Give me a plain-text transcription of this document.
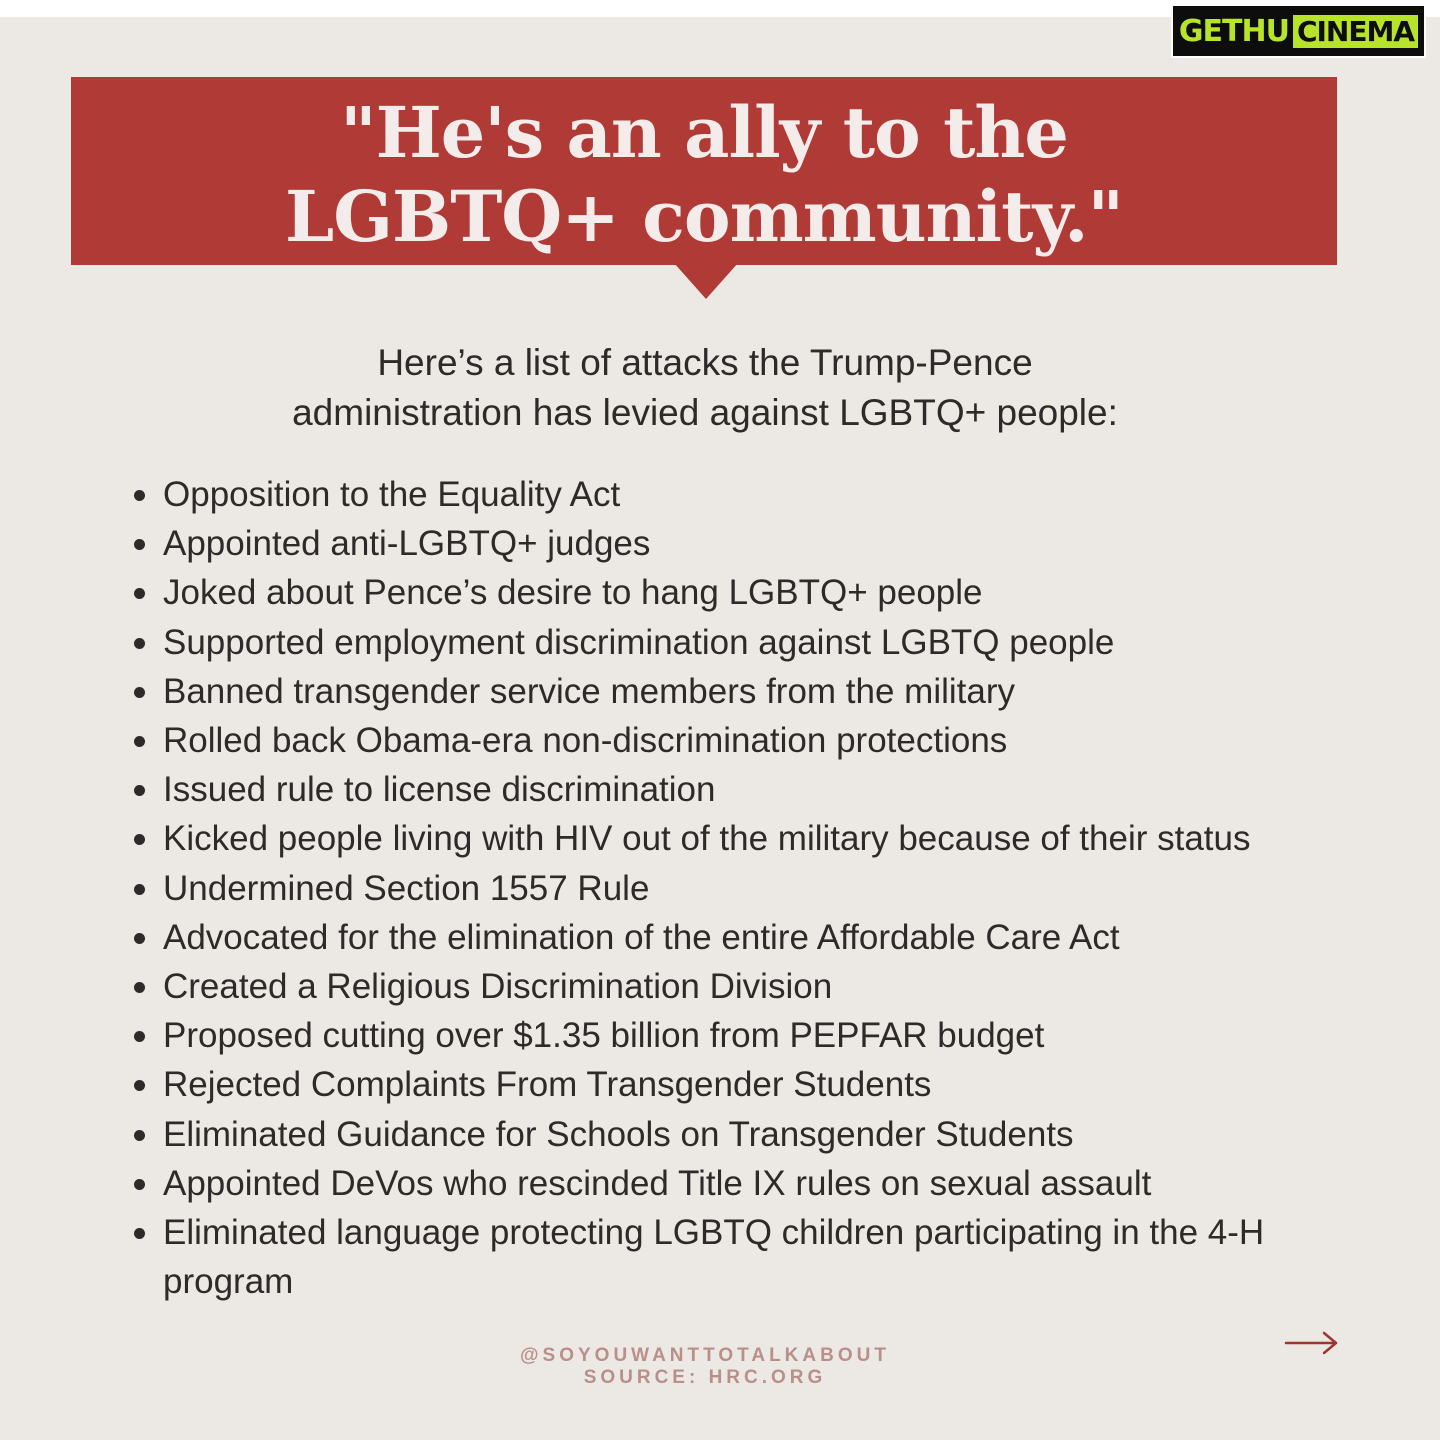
GETHU CINEMA
"He's an ally to the
LGBTQ+ community."
Here’s a list of attacks the Trump-Pence
administration has levied against LGBTQ+ people:
Opposition to the Equality Act
Appointed anti-LGBTQ+ judges
Joked about Pence’s desire to hang LGBTQ+ people
Supported employment discrimination against LGBTQ people
Banned transgender service members from the military
Rolled back Obama-era non-discrimination protections
Issued rule to license discrimination
Kicked people living with HIV out of the military because of their status
Undermined Section 1557 Rule
Advocated for the elimination of the entire Affordable Care Act
Created a Religious Discrimination Division
Proposed cutting over $1.35 billion from PEPFAR budget
Rejected Complaints From Transgender Students
Eliminated Guidance for Schools on Transgender Students
Appointed DeVos who rescinded Title IX rules on sexual assault
Eliminated language protecting LGBTQ children participating in the 4-H program
@SOYOUWANTTOTALKABOUT
SOURCE: HRC.ORG
